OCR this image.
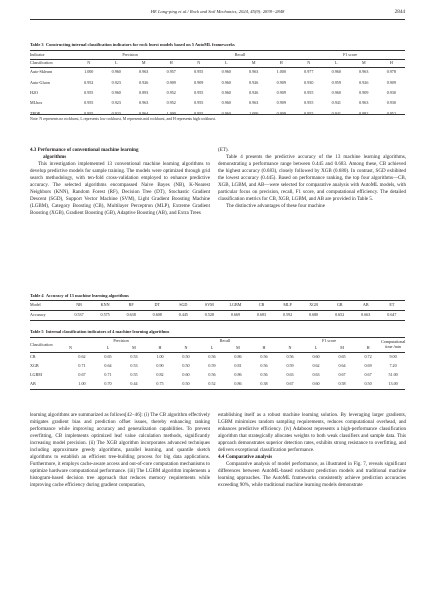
HE Long-ping et al./ Rock and Soil Mechanics, 2024, 45(9): 2839−2848	2844
Table 3 Constructing internal classification indicators for rock burst models based on 5 AutoML frameworks
Indicator	Precision				Recall				F1 score			
Classification	N	L	M	H	N	L	M	H	N	L	M	H
Auto-Sklearn	1.000	0.960	0.963	0.957	0.955	0.960	0.963	1.000	0.977	0.960	0.963	0.978
Auto-Gluon	0.952	0.923	0.926	0.909	0.909	0.960	0.926	0.909	0.930	0.959	0.926	0.909
H2O	0.955	0.960	0.893	0.952	0.955	0.960	0.926	0.909	0.955	0.960	0.909	0.930
MLbox	0.955	0.923	0.963	0.952	0.955	0.960	0.963	0.909	0.955	0.941	0.963	0.930
TPOP	0.955	0.923	0.964	1.000	0.955	0.960	1.000	0.909	0.955	0.941	0.982	0.952
Note: N represents no rockburst, L represents low rockburst, M represents mid rockburst, and H represents high rockburst.

4.3 Performance of conventional machine learning

algorithms

This investigation implemented 13 conventional machine learning algorithms to develop predictive models for sample training. The models were optimized through grid search methodology, with ten-fold cross-validation employed to enhance predictive accuracy. The selected algorithms encompassed Naive Bayes (NB), K-Nearest Neighbors (KNN), Random Forest (RF), Decision Tree (DT), Stochastic Gradient Descent (SGD), Support Vector Machine (SVM), Light Gradient Boosting Machine (LGBM), Category Boosting (CB), Multilayer Perceptron (MLP), Extreme Gradient Boosting (XGB), Gradient Boosting (GB), Adaptive Boosting (AB), and Extra Trees

(ET).

Table 4 presents the predictive accuracy of the 13 machine learning algorithms, demonstrating a performance range between 0.445 and 0.683. Among these, CB achieved the highest accuracy (0.683), closely followed by XGB (0.680). In contrast, SGD exhibited the lowest accuracy (0.445). Based on performance ranking, the top four algorithms—CB, XGB, LGBM, and AB—were selected for comparative analysis with AutoML models, with particular focus on precision, recall, F1 score, and computational efficiency. The detailed classification metrics for CB, XGB, LGBM, and AB are provided in Table 5.

The distinctive advantages of these four machine

Table 4 Accuracy of 13 machine learning algorithms
Model	NB	KNN	RF	DT	SGD	SVM	LGBM	CB	MLP	XGB	GB	AB	ET
Accuracy	0.537	0.575	0.638	0.608	0.445	0.528	0.669	0.683	0.592	0.680	0.652	0.663	0.647
Table 5 Internal classification indicators of 4 machine learning algorithms
Classification	Precision				Recall				F1 score				Computational time /min
	N	L	M	H	N	L	M	H	N	L	M	H	
CB	0.62	0.65	0.53	1.00	0.50	0.56	0.86	0.56	0.56	0.60	0.65	0.72	9.00
XGB	0.71	0.64	0.53	0.90	0.50	0.59	0.81	0.56	0.59	0.62	0.64	0.69	7.20
LGBM	0.67	0.71	0.55	0.82	0.60	0.56	0.86	0.56	0.63	0.63	0.67	0.67	51.00
AB	1.00	0.70	0.44	0.75	0.50	0.52	0.86	0.38	0.67	0.60	0.58	0.50	13.00

learning algorithms are summarized as follows[42−46]: (i) The CB algorithm effectively mitigates gradient bias and prediction offset issues, thereby enhancing ranking performance while improving accuracy and generalization capabilities. To prevent overfitting, CB implements optimized leaf value calculation methods, significantly increasing model precision. (ii) The XGB algorithm incorporates advanced techniques including approximate greedy algorithms, parallel learning, and quantile sketch algorithms to establish an efficient tree-building process for big data applications. Furthermore, it employs cache-aware access and out-of-core computation mechanisms to optimize hardware computational performance. (iii) The LGBM algorithm implements a histogram-based decision tree approach that reduces memory requirements while improving cache efficiency during gradient computation,

establishing itself as a robust machine learning solution. By leveraging larger gradients, LGBM minimizes random sampling requirements, reduces computational overhead, and enhances predictive efficiency. (iv) Adaboost represents a high-performance classification algorithm that strategically allocates weights to both weak classifiers and sample data. This approach demonstrates superior detection rates, exhibits strong resistance to overfitting, and delivers exceptional classification performance.

4.4 Comparative analysis

Comparative analysis of model performance, as illustrated in Fig. 7, reveals significant differences between AutoML-based rockburst prediction models and traditional machine learning approaches. The AutoML frameworks consistently achieve prediction accuracies exceeding 90%, while traditional machine learning models demonstrate
